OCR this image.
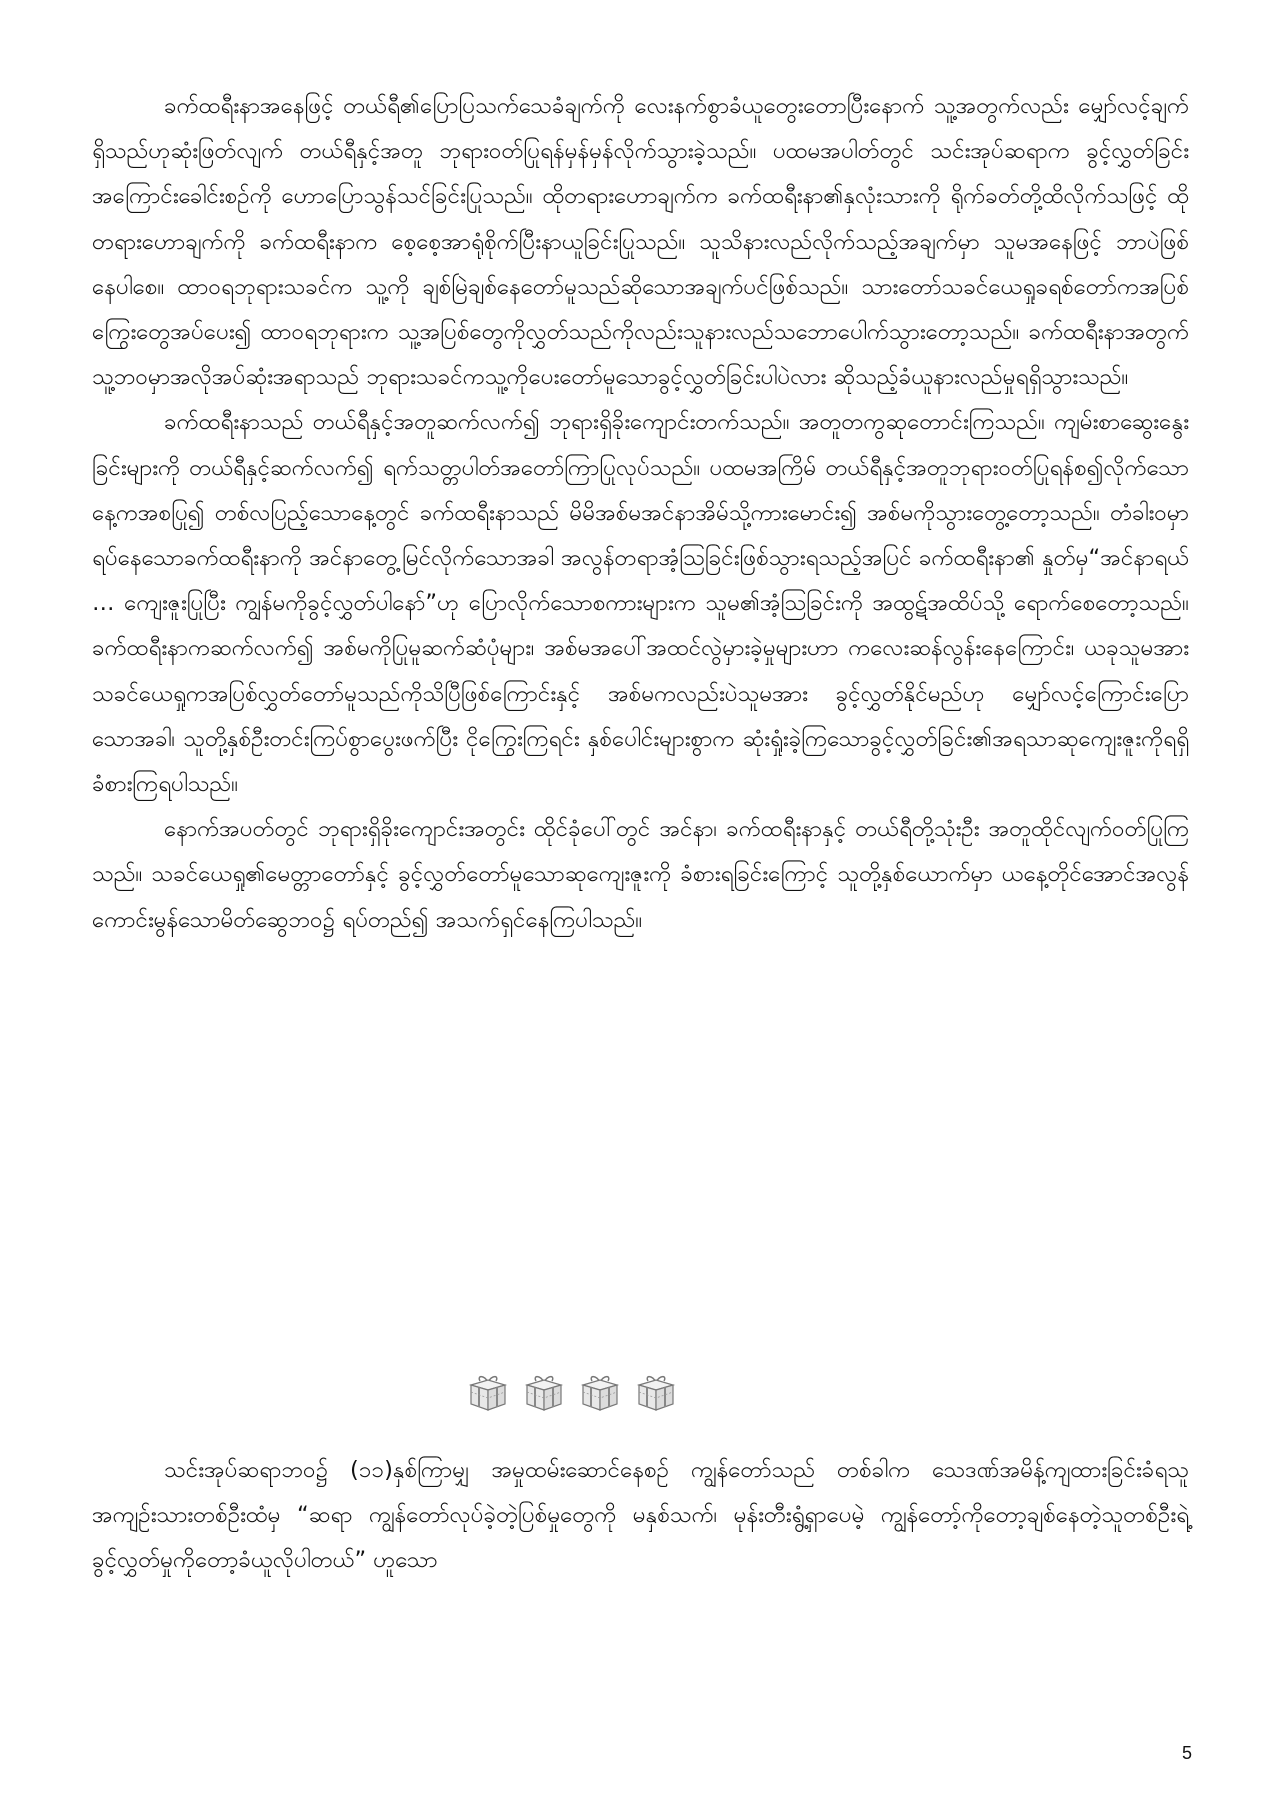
ခက်ထရီးနာအနေဖြင့် တယ်ရီ၏ပြောပြသက်သေခံချက်ကို လေးနက်စွာခံယူတွေးတောပြီးနောက် သူ့အတွက်လည်း မျှော်လင့်ချက်ရှိသည်ဟုဆုံးဖြတ်လျက် တယ်ရီနှင့်အတူ ဘုရားဝတ်ပြုရန်မှန်မှန်လိုက်သွားခဲ့သည်။ ပထမအပါတ်တွင် သင်းအုပ်ဆရာက ခွင့်လွှတ်ခြင်းအကြောင်းခေါင်းစဉ်ကို ဟောပြောသွန်သင်ခြင်းပြုသည်။ ထိုတရားဟောချက်က ခက်ထရီးနာ၏နှလုံးသားကို ရိုက်ခတ်တို့ထိလိုက်သဖြင့် ထိုတရားဟောချက်ကို ခက်ထရီးနာက စေ့စေ့အာရုံစိုက်ပြီးနာယူခြင်းပြုသည်။ သူသိနားလည်လိုက်သည့်အချက်မှာ သူမအနေဖြင့် ဘာပဲဖြစ်နေပါစေ။ ထာဝရဘုရားသခင်က သူ့ကို ချစ်မြဲချစ်နေတော်မူသည်ဆိုသောအချက်ပင်ဖြစ်သည်။ သားတော်သခင်ယေရှုခရစ်တော်ကအပြစ်ကြွေးတွေအပ်ပေး၍ ထာဝရဘုရားက သူ့အပြစ်တွေကိုလွှတ်သည်ကိုလည်းသူနားလည်သဘောပေါက်သွားတော့သည်။ ခက်ထရီးနာအတွက်သူ့ဘဝမှာအလိုအပ်ဆုံးအရာသည် ဘုရားသခင်ကသူ့ကိုပေးတော်မူသောခွင့်လွှတ်ခြင်းပါပဲလား ဆိုသည့်ခံယူနားလည်မှုရရှိသွားသည်။

ခက်ထရီးနာသည် တယ်ရီနှင့်အတူဆက်လက်၍ ဘုရားရှိခိုးကျောင်းတက်သည်။ အတူတကွဆုတောင်းကြသည်။ ကျမ်းစာဆွေးနွေးခြင်းများကို တယ်ရီနှင့်ဆက်လက်၍ ရက်သတ္တပါတ်အတော်ကြာပြုလုပ်သည်။ ပထမအကြိမ် တယ်ရီနှင့်အတူဘုရားဝတ်ပြုရန်စ၍လိုက်သောနေ့ကအစပြု၍ တစ်လပြည့်သောနေ့တွင် ခက်ထရီးနာသည် မိမိအစ်မအင်နာအိမ်သို့ကားမောင်း၍ အစ်မကိုသွားတွေ့တော့သည်။ တံခါးဝမှာရပ်နေသောခက်ထရီးနာကို အင်နာတွေ့မြင်လိုက်သောအခါ အလွန်တရာအံ့သြခြင်းဖြစ်သွားရသည့်အပြင် ခက်ထရီးနာ၏ နှုတ်မှ“အင်နာရယ် … ကျေးဇူးပြုပြီး ကျွန်မကိုခွင့်လွှတ်ပါနော်”ဟု ပြောလိုက်သောစကားများက သူမ၏အံ့သြခြင်းကို အထွဋ်အထိပ်သို့ ရောက်စေတော့သည်။ ခက်ထရီးနာကဆက်လက်၍ အစ်မကိုပြုမူဆက်ဆံပုံများ၊ အစ်မအပေါ်အထင်လွဲမှားခဲ့မှုများဟာ ကလေးဆန်လွန်းနေကြောင်း၊ ယခုသူမအား သခင်ယေရှုကအပြစ်လွှတ်တော်မူသည်ကိုသိပြီဖြစ်ကြောင်းနှင့် အစ်မကလည်းပဲသူမအား ခွင့်လွှတ်နိုင်မည်ဟု မျှော်လင့်ကြောင်းပြောသောအခါ၊ သူတို့နှစ်ဦးတင်းကြပ်စွာပွေးဖက်ပြီး ငိုကြွေးကြရင်း နှစ်ပေါင်းများစွာက ဆုံးရှုံးခဲ့ကြသောခွင့်လွှတ်ခြင်း၏အရသာဆုကျေးဇူးကိုရရှိ ခံစားကြရပါသည်။

နောက်အပတ်တွင် ဘုရားရှိခိုးကျောင်းအတွင်း ထိုင်ခုံပေါ်တွင် အင်နာ၊ ခက်ထရီးနာနှင့် တယ်ရီတို့သုံးဦး အတူထိုင်လျက်ဝတ်ပြုကြသည်။ သခင်ယေရှု၏မေတ္တာတော်နှင့် ခွင့်လွှတ်တော်မူသောဆုကျေးဇူးကို ခံစားရခြင်းကြောင့် သူတို့နှစ်ယောက်မှာ ယနေ့တိုင်အောင်အလွန်ကောင်းမွန်သောမိတ်ဆွေဘဝ၌ ရပ်တည်၍ အသက်ရှင်နေကြပါသည်။

သင်းအုပ်ဆရာဘဝ၌ (၁၁)နှစ်ကြာမျှ အမှုထမ်းဆောင်နေစဉ် ကျွန်တော်သည် တစ်ခါက သေဒဏ်အမိန့်ကျထားခြင်းခံရသူ အကျဉ်းသားတစ်ဦးထံမှ “ဆရာ ကျွန်တော်လုပ်ခဲ့တဲ့ပြစ်မှုတွေကို မနှစ်သက်၊ မုန်းတီးရွံ့ရှာပေမဲ့ ကျွန်တော့်ကိုတော့ချစ်နေတဲ့သူတစ်ဦးရဲ့ခွင့်လွှတ်မှုကိုတော့ခံယူလိုပါတယ်” ဟူသော

5
